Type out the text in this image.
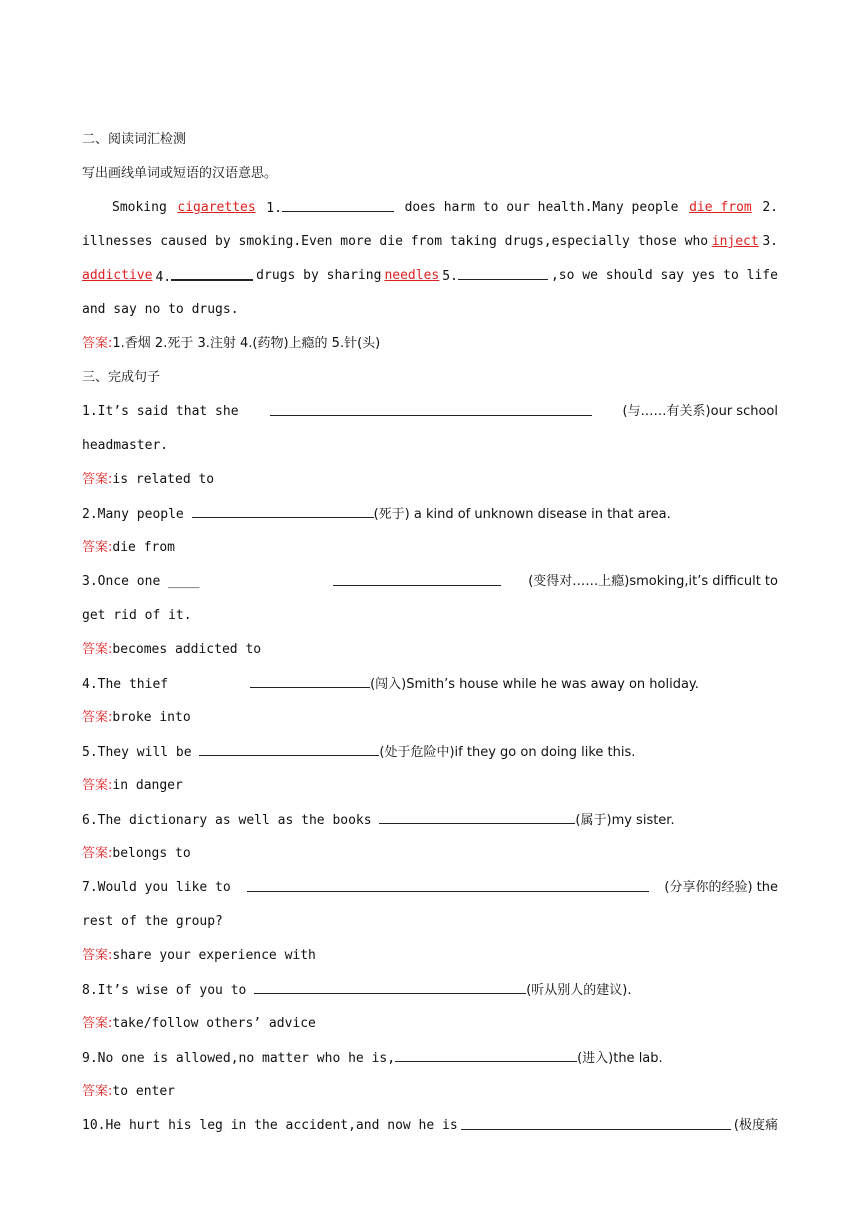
二、阅读词汇检测
写出画线单词或短语的汉语意思。
Smoking cigarettes 1.	does harm to our health.Many people die from 2.
illnesses caused by smoking.Even more die from taking drugs,especially those who inject 3.
addictive 4.	drugs by sharing needles 5.	,so we should say yes to life
and say no to drugs.
答案:1.香烟 2.死于 3.注射 4.(药物)上瘾的 5.针(头)
三、完成句子
1.It’s said that she	(与……有关系)our school
headmaster.
答案:is related to
2.Many people	(死于) a kind of unknown disease in that area.
答案:die from
3.Once one ____	(变得对……上瘾)smoking,it’s difficult to
get rid of it.
答案:becomes addicted to
4.The thief	(闯入)Smith’s house while he was away on holiday.
答案:broke into
5.They will be	(处于危险中)if they go on doing like this.
答案:in danger
6.The dictionary as well as the books	(属于)my sister.
答案:belongs to
7.Would you like to	(分享你的经验) the
rest of the group?
答案:share your experience with
8.It’s wise of you to	(听从别人的建议).
答案:take/follow others’ advice
9.No one is allowed,no matter who he is,	(进入)the lab.
答案:to enter
10.He hurt his leg in the accident,and now he is	(极度痛
